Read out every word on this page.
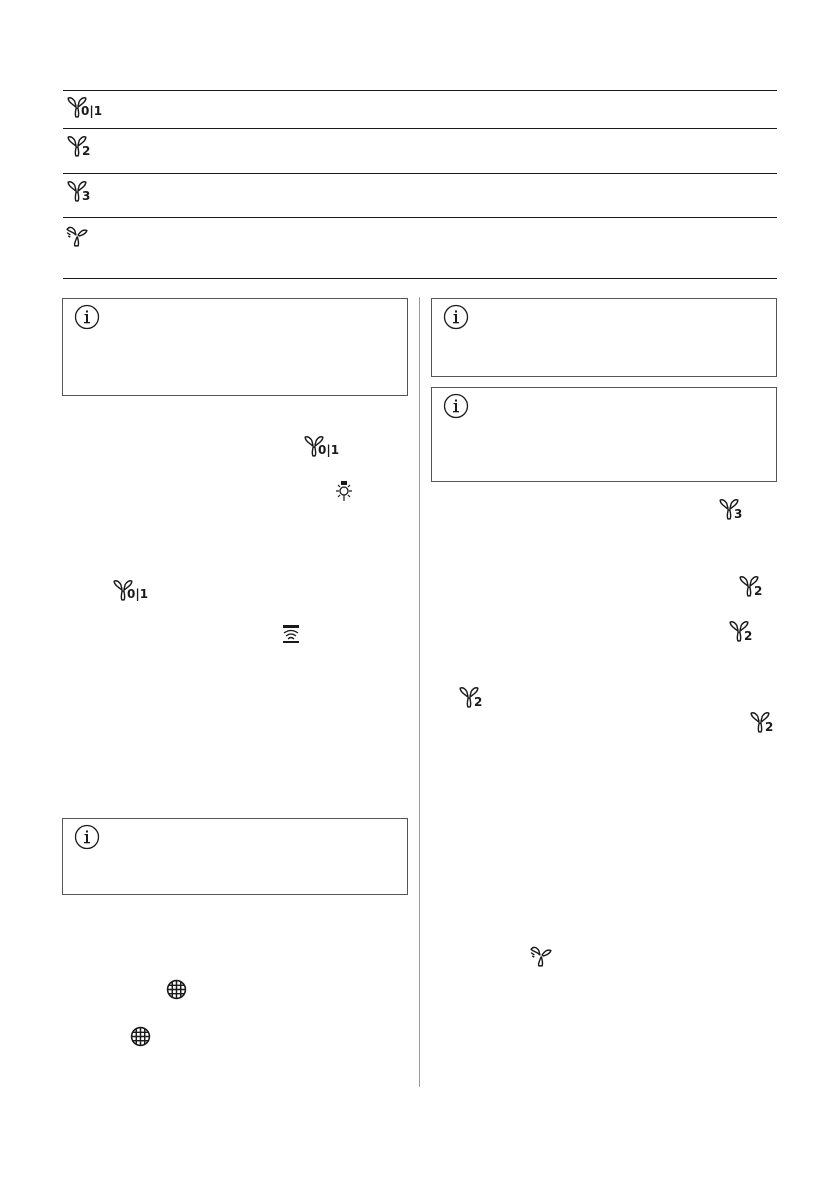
0|1
2
3
0|1
0|1
3
2
2
2
2
